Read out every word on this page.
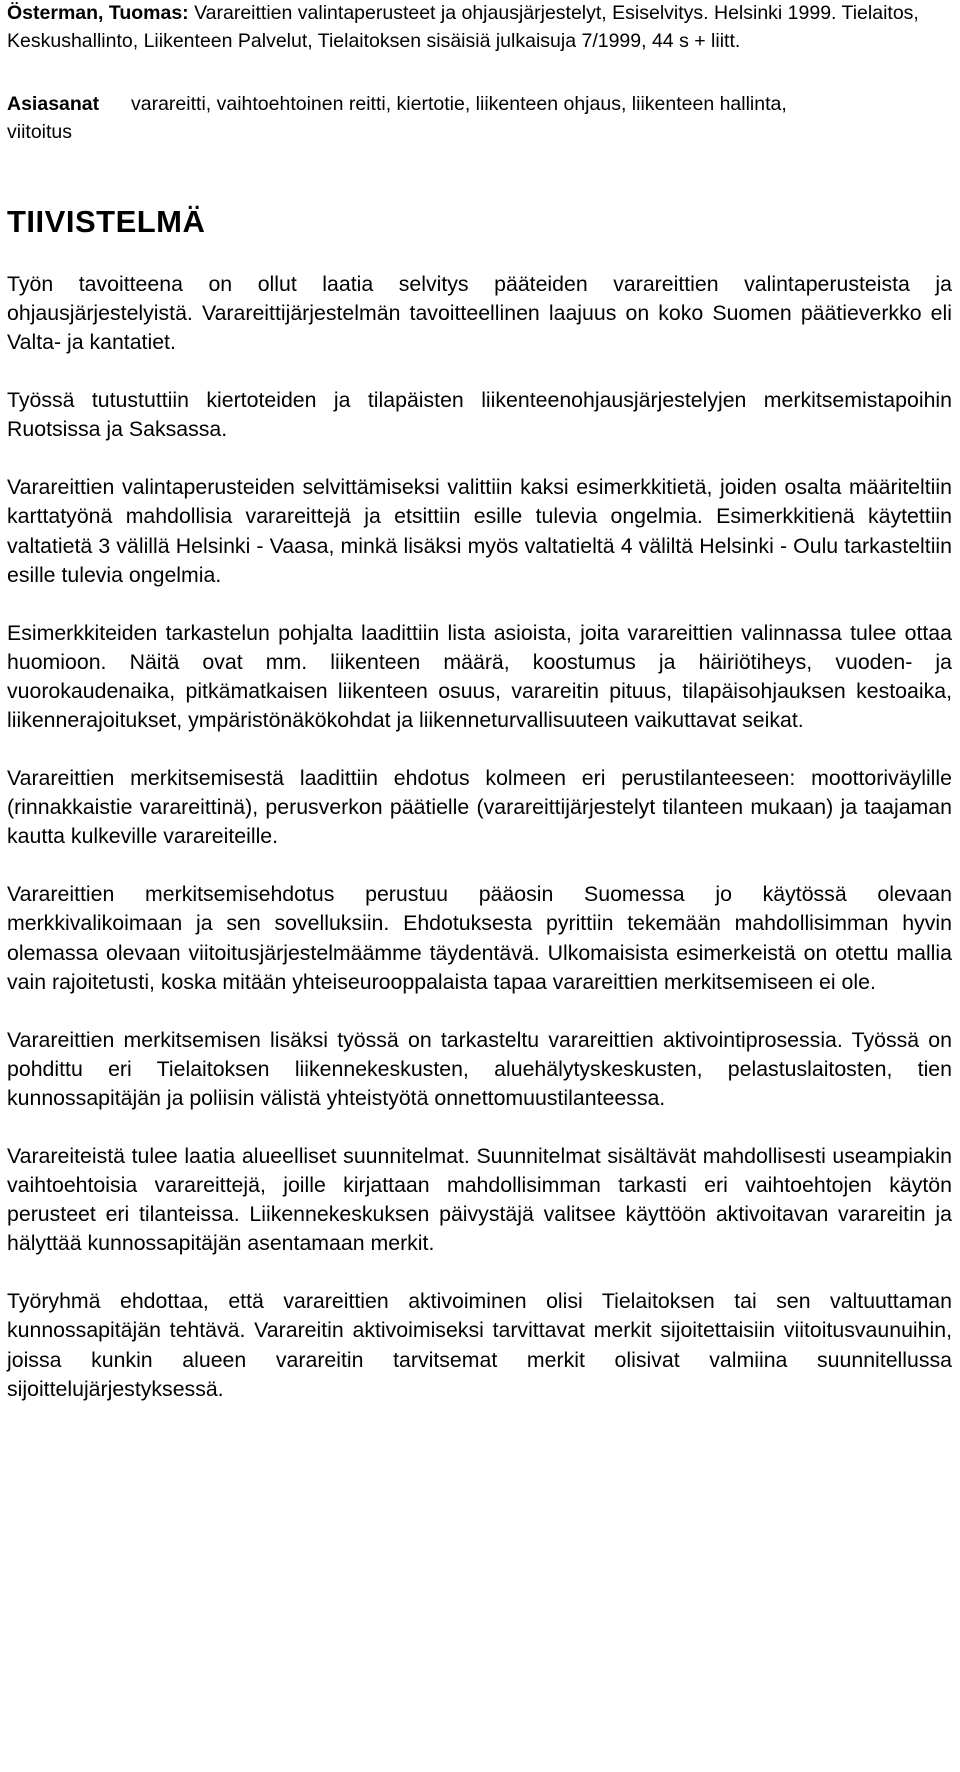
Österman, Tuomas: Varareittien valintaperusteet ja ohjausjärjestelyt, Esiselvitys. Helsinki 1999. Tielaitos, Keskushallinto, Liikenteen Palvelut, Tielaitoksen sisäisiä julkaisuja 7/1999, 44 s + liitt.
Asiasanat
viitoitus
varareitti, vaihtoehtoinen reitti, kiertotie, liikenteen ohjaus, liikenteen hallinta,
TIIVISTELMÄ

Työn tavoitteena on ollut laatia selvitys pääteiden varareittien valintaperusteista ja ohjausjärjestelyistä. Varareittijärjestelmän tavoitteellinen laajuus on koko Suomen päätieverkko eli Valta- ja kantatiet.

Työssä tutustuttiin kiertoteiden ja tilapäisten liikenteenohjausjärjestelyjen merkitsemistapoihin Ruotsissa ja Saksassa.

Varareittien valintaperusteiden selvittämiseksi valittiin kaksi esimerkkitietä, joiden osalta määriteltiin karttatyönä mahdollisia varareittejä ja etsittiin esille tulevia ongelmia. Esimerkkitienä käytettiin valtatietä 3 välillä Helsinki - Vaasa, minkä lisäksi myös valtatieltä 4 väliltä Helsinki - Oulu tarkasteltiin esille tulevia ongelmia.

Esimerkkiteiden tarkastelun pohjalta laadittiin lista asioista, joita varareittien valinnassa tulee ottaa huomioon. Näitä ovat mm. liikenteen määrä, koostumus ja häiriötiheys, vuoden- ja vuorokaudenaika, pitkämatkaisen liikenteen osuus, varareitin pituus, tilapäisohjauksen kestoaika, liikennerajoitukset, ympäristönäkökohdat ja liikenneturvallisuuteen vaikuttavat seikat.

Varareittien merkitsemisestä laadittiin ehdotus kolmeen eri perustilanteeseen: moottoriväylille (rinnakkaistie varareittinä), perusverkon päätielle (varareittijärjestelyt tilanteen mukaan) ja taajaman kautta kulkeville varareiteille.

Varareittien merkitsemisehdotus perustuu pääosin Suomessa jo käytössä olevaan merkkivalikoimaan ja sen sovelluksiin. Ehdotuksesta pyrittiin tekemään mahdollisimman hyvin olemassa olevaan viitoitusjärjestelmäämme täydentävä. Ulkomaisista esimerkeistä on otettu mallia vain rajoitetusti, koska mitään yhteiseurooppalaista tapaa varareittien merkitsemiseen ei ole.

Varareittien merkitsemisen lisäksi työssä on tarkasteltu varareittien aktivointiprosessia. Työssä on pohdittu eri Tielaitoksen liikennekeskusten, aluehälytyskeskusten, pelastuslaitosten, tien kunnossapitäjän ja poliisin välistä yhteistyötä onnettomuustilanteessa.

Varareiteistä tulee laatia alueelliset suunnitelmat. Suunnitelmat sisältävät mahdollisesti useampiakin vaihtoehtoisia varareittejä, joille kirjattaan mahdollisimman tarkasti eri vaihtoehtojen käytön perusteet eri tilanteissa. Liikennekeskuksen päivystäjä valitsee käyttöön aktivoitavan varareitin ja hälyttää kunnossapitäjän asentamaan merkit.

Työryhmä ehdottaa, että varareittien aktivoiminen olisi Tielaitoksen tai sen valtuuttaman kunnossapitäjän tehtävä. Varareitin aktivoimiseksi tarvittavat merkit sijoitettaisiin viitoitusvaunuihin, joissa kunkin alueen varareitin tarvitsemat merkit olisivat valmiina suunnitellussa sijoittelujärjestyksessä.
